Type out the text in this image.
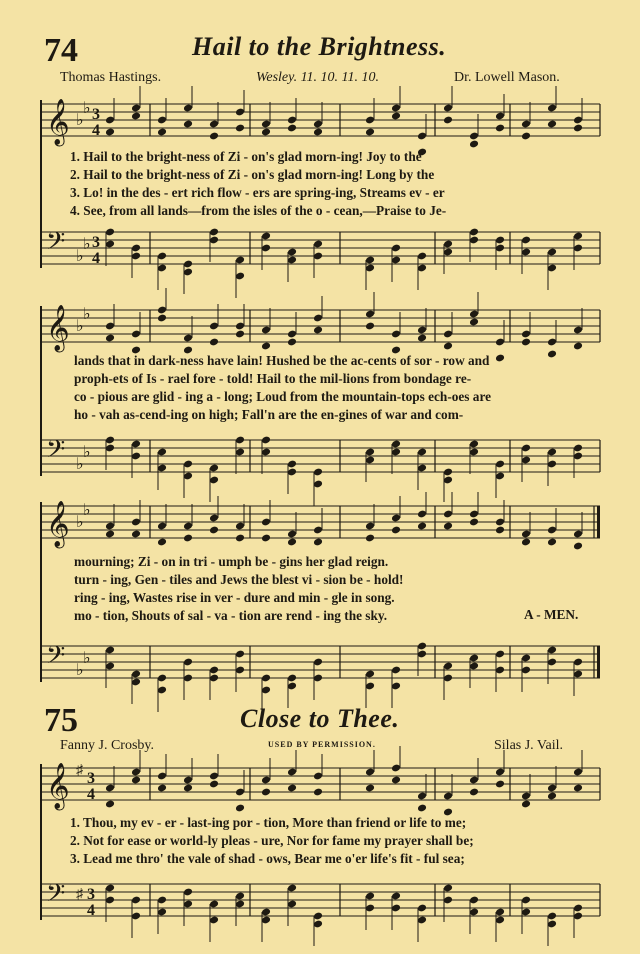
74	Hail to the Brightness.
Thomas Hastings.	Wesley. 11. 10. 11. 10.	Dr. Lowell Mason.
𝄞 ♭
♭ 3
4
𝄢 ♭
♭ 3
4
𝄞 ♭
♭
𝄢 ♭
♭
𝄞 ♭
♭
𝄢 ♭
♭
1. Hail to the bright-ness of Zi - on's glad morn-ing! Joy to the
2. Hail to the bright-ness of Zi - on's glad morn-ing! Long by the
3. Lo! in the des - ert rich flow - ers are spring-ing, Streams ev - er
4. See, from all lands—from the isles of the o - cean,—Praise to Je-
lands that in dark-ness have lain! Hushed be the ac-cents of sor - row and
proph-ets of Is - rael fore - told! Hail to the mil-lions from bondage re-
co - pious are glid - ing a - long; Loud from the mountain-tops ech-oes are
ho - vah as-cend-ing on high; Fall'n are the en-gines of war and com-
mourning; Zi - on in tri - umph be - gins her glad reign.
turn - ing, Gen - tiles and Jews the blest vi - sion be - hold!
ring - ing, Wastes rise in ver - dure and min - gle in song.
mo - tion, Shouts of sal - va - tion are rend - ing the sky.	A - MEN.
75	Close to Thee.
Fanny J. Crosby.	USED BY PERMISSION.	Silas J. Vail.
𝄞 ♯ 3
4
𝄢 ♯ 3
4
1. Thou, my ev - er - last-ing por - tion, More than friend or life to me;
2. Not for ease or world-ly pleas - ure, Nor for fame my prayer shall be;
3. Lead me thro' the vale of shad - ows, Bear me o'er life's fit - ful sea;
